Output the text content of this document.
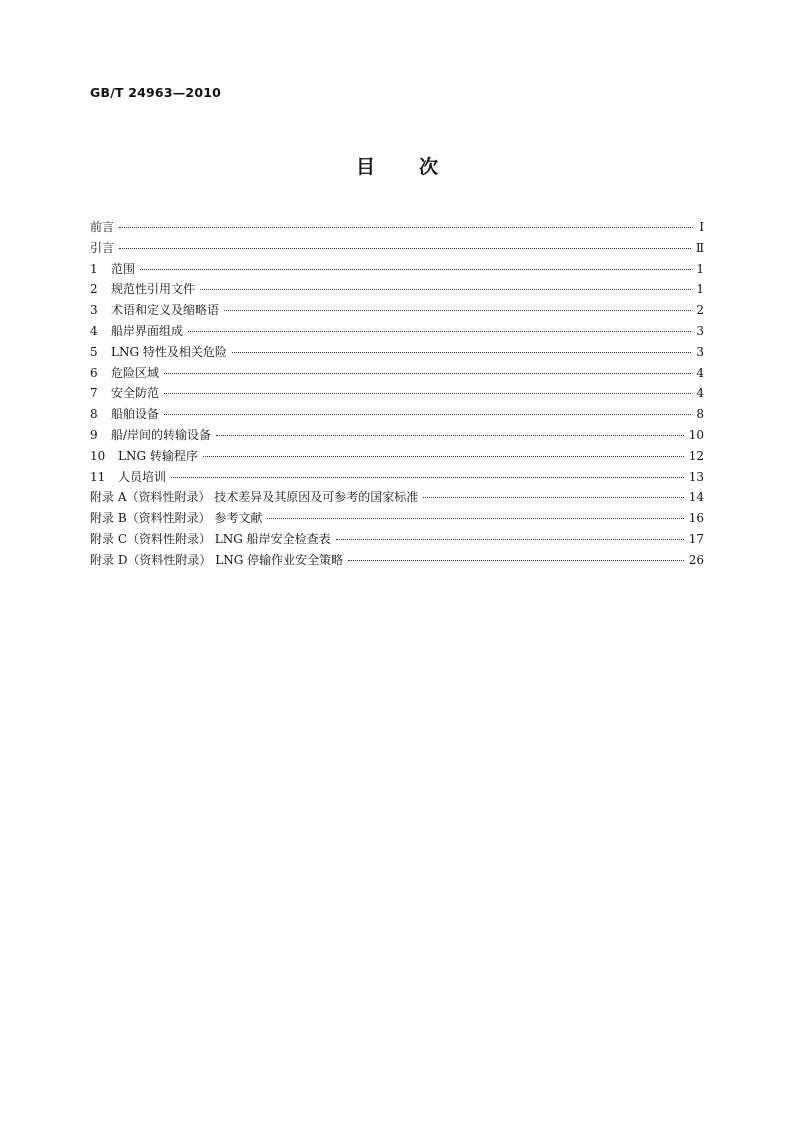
GB/T 24963—2010
目 次
前言	Ⅰ
引言	Ⅱ
1	范围	1
2	规范性引用文件	1
3	术语和定义及缩略语	2
4	船岸界面组成	3
5	LNG 特性及相关危险	3
6	危险区域	4
7	安全防范	4
8	船舶设备	8
9	船/岸间的转输设备	10
10	LNG 转输程序	12
11	人员培训	13
附录 A（资料性附录） 技术差异及其原因及可参考的国家标准	14
附录 B（资料性附录） 参考文献	16
附录 C（资料性附录） LNG 船岸安全检查表	17
附录 D（资料性附录） LNG 停输作业安全策略	26
